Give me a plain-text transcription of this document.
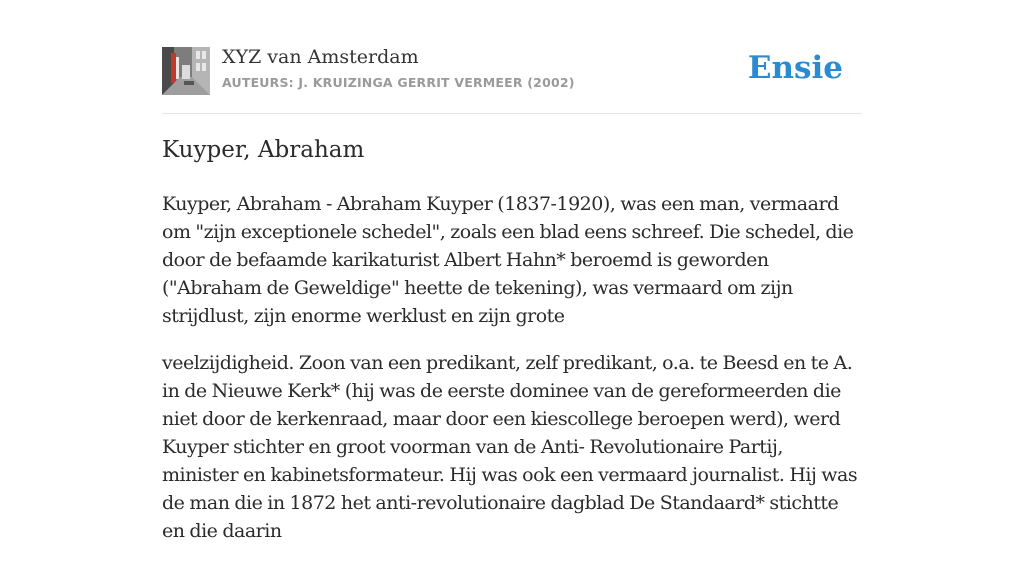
XYZ van Amsterdam
AUTEURS: J. KRUIZINGA GERRIT VERMEER (2002)	Ensie
Kuyper, Abraham

Kuyper, Abraham - Abraham Kuyper (1837-1920), was een man, vermaard om "zijn exceptionele schedel", zoals een blad eens schreef. Die schedel, die door de befaamde karikaturist Albert Hahn* beroemd is geworden ("Abraham de Geweldige" heette de tekening), was vermaard om zijn strijdlust, zijn enorme werklust en zijn grote

veelzijdigheid. Zoon van een predikant, zelf predikant, o.a. te Beesd en te A. in de Nieuwe Kerk* (hij was de eerste dominee van de gereformeerden die niet door de kerkenraad, maar door een kiescollege beroepen werd), werd Kuyper stichter en groot voorman van de Anti- Revolutionaire Partij, minister en kabinetsformateur. Hij was ook een vermaard journalist. Hij was de man die in 1872 het anti-revolutionaire dagblad De Standaard* stichtte en die daarin
